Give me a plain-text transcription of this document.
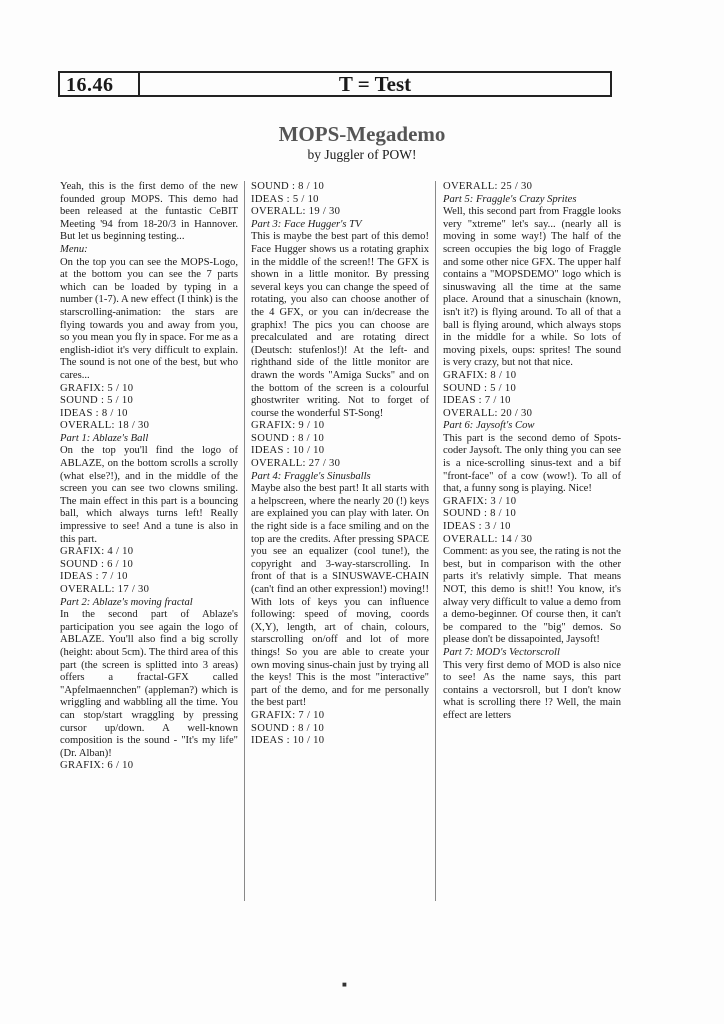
16.46	T = Test
MOPS-Megademo
by Juggler of POW!

Yeah, this is the first demo of the new founded group MOPS. This demo had been released at the funtastic CeBIT Meeting '94 from 18-20/3 in Hannover. But let us beginning testing...

Menu:

On the top you can see the MOPS-Logo, at the bottom you can see the 7 parts which can be loaded by typing in a number (1-7). A new effect (I think) is the starscrolling-animation: the stars are flying towards you and away from you, so you mean you fly in space. For me as a english-idiot it's very difficult to explain. The sound is not one of the best, but who cares...

GRAFIX: 5 / 10

SOUND : 5 / 10

IDEAS : 8 / 10

OVERALL: 18 / 30

Part 1: Ablaze's Ball

On the top you'll find the logo of ABLAZE, on the bottom scrolls a scrolly (what else?!), and in the middle of the screen you can see two clowns smiling. The main effect in this part is a bouncing ball, which always turns left! Really impressive to see! And a tune is also in this part.

GRAFIX: 4 / 10

SOUND : 6 / 10

IDEAS : 7 / 10

OVERALL: 17 / 30

Part 2: Ablaze's moving fractal

In the second part of Ablaze's participation you see again the logo of ABLAZE. You'll also find a big scrolly (height: about 5cm). The third area of this part (the screen is splitted into 3 areas) offers a fractal-GFX called "Apfelmaennchen" (appleman?) which is wriggling and wabbling all the time. You can stop/start wraggling by pressing cursor up/down. A well-known composition is the sound - "It's my life" (Dr. Alban)!

GRAFIX: 6 / 10

SOUND : 8 / 10

IDEAS : 5 / 10

OVERALL: 19 / 30

Part 3: Face Hugger's TV

This is maybe the best part of this demo! Face Hugger shows us a rotating graphix in the middle of the screen!! The GFX is shown in a little monitor. By pressing several keys you can change the speed of rotating, you also can choose another of the 4 GFX, or you can in/decrease the graphix! The pics you can choose are precalculated and are rotating direct (Deutsch: stufenlos!)! At the left- and righthand side of the little monitor are drawn the words "Amiga Sucks" and on the bottom of the screen is a colourful ghostwriter writing. Not to forget of course the wonderful ST-Song!

GRAFIX: 9 / 10

SOUND : 8 / 10

IDEAS : 10 / 10

OVERALL: 27 / 30

Part 4: Fraggle's Sinusballs

Maybe also the best part! It all starts with a helpscreen, where the nearly 20 (!) keys are explained you can play with later. On the right side is a face smiling and on the top are the credits. After pressing SPACE you see an equalizer (cool tune!), the copyright and 3-way-starscrolling. In front of that is a SINUSWAVE-CHAIN (can't find an other expression!) moving!! With lots of keys you can influence following: speed of moving, coords (X,Y), length, art of chain, colours, starscrolling on/off and lot of more things! So you are able to create your own moving sinus-chain just by trying all the keys! This is the most "interactive" part of the demo, and for me personally the best part!

GRAFIX: 7 / 10

SOUND : 8 / 10

IDEAS : 10 / 10

OVERALL: 25 / 30

Part 5: Fraggle's Crazy Sprites

Well, this second part from Fraggle looks very "xtreme" let's say... (nearly all is moving in some way!) The half of the screen occupies the big logo of Fraggle and some other nice GFX. The upper half contains a "MOPSDEMO" logo which is sinuswaving all the time at the same place. Around that a sinuschain (known, isn't it?) is flying around. To all of that a ball is flying around, which always stops in the middle for a while. So lots of moving pixels, oups: sprites! The sound is very crazy, but not that nice.

GRAFIX: 8 / 10

SOUND : 5 / 10

IDEAS : 7 / 10

OVERALL: 20 / 30

Part 6: Jaysoft's Cow

This part is the second demo of Spots-coder Jaysoft. The only thing you can see is a nice-scrolling sinus-text and a bif "front-face" of a cow (wow!). To all of that, a funny song is playing. Nice!

GRAFIX: 3 / 10

SOUND : 8 / 10

IDEAS : 3 / 10

OVERALL: 14 / 30

Comment: as you see, the rating is not the best, but in comparison with the other parts it's relativly simple. That means NOT, this demo is shit!! You know, it's alway very difficult to value a demo from a demo-beginner. Of course then, it can't be compared to the "big" demos. So please don't be dissapointed, Jaysoft!

Part 7: MOD's Vectorscroll

This very first demo of MOD is also nice to see! As the name says, this part contains a vectorsroll, but I don't know what is scrolling there !? Well, the main effect are letters

■
